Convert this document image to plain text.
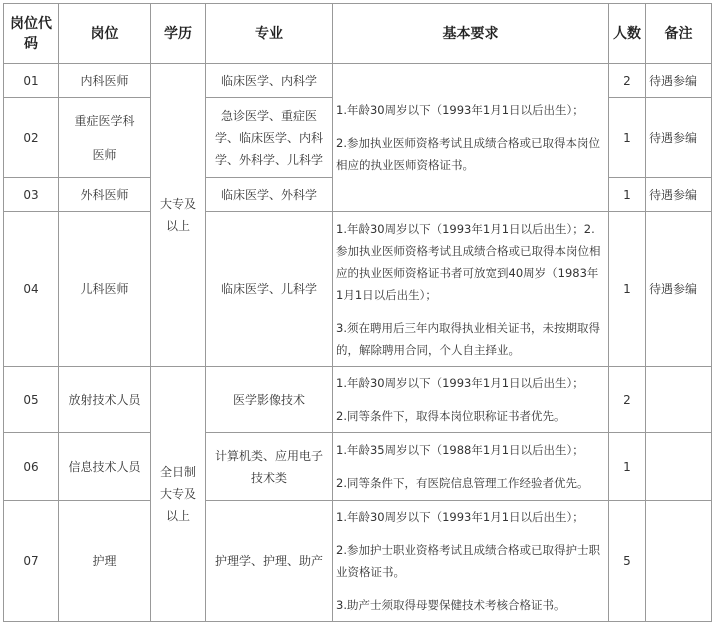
岗位代码	岗位	学历	专业	基本要求	人数	备注
01	内科医师	大专及以上	临床医学、内科学	1.年龄30周岁以下（1993年1月1日以后出生）；

2.参加执业医师资格考试且成绩合格或已取得本岗位相应的执业医师资格证书。	2	待遇参编
02	重症医学科医师		急诊医学、重症医学、临床医学、内科学、外科学、儿科学		1	待遇参编
03	外科医师		临床医学、外科学		1	待遇参编
04	儿科医师		临床医学、儿科学	1.年龄30周岁以下（1993年1月1日以后出生）；2.参加执业医师资格考试且成绩合格或已取得本岗位相应的执业医师资格证书者可放宽到40周岁（1983年1月1日以后出生）；

3.须在聘用后三年内取得执业相关证书，未按期取得的，解除聘用合同，个人自主择业。	1	待遇参编
05	放射技术人员	全日制大专及以上	医学影像技术	1.年龄30周岁以下（1993年1月1日以后出生）；

2.同等条件下，取得本岗位职称证书者优先。	2	
06	信息技术人员		计算机类、应用电子技术类	1.年龄35周岁以下（1988年1月1日以后出生）；

2.同等条件下，有医院信息管理工作经验者优先。	1	
07	护理		护理学、护理、助产	1.年龄30周岁以下（1993年1月1日以后出生）；

2.参加护士职业资格考试且成绩合格或已取得护士职业资格证书。

3.助产士须取得母婴保健技术考核合格证书。	5	
